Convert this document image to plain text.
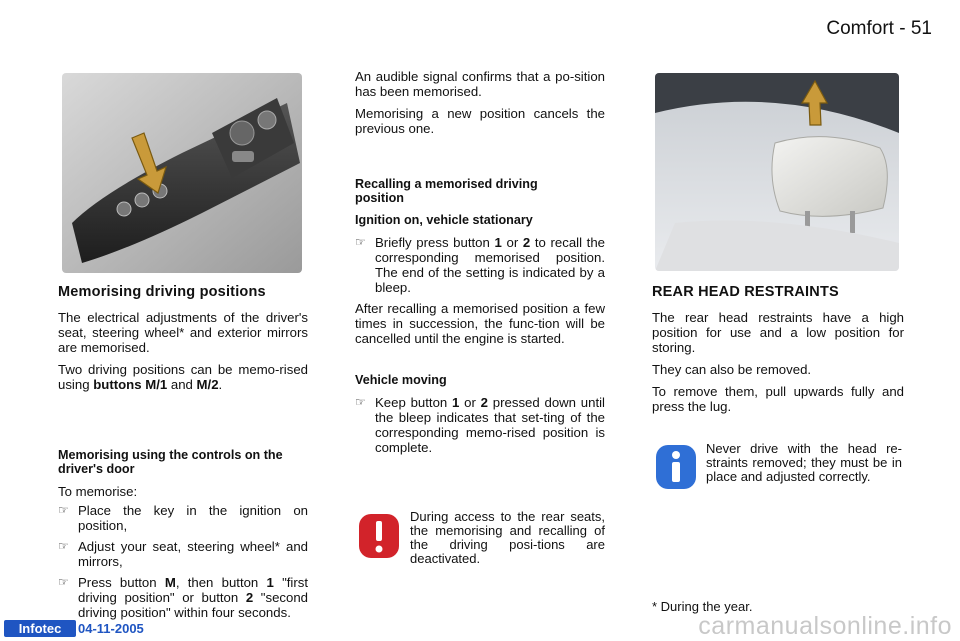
Comfort - 51
Memorising driving positions

The electrical adjustments of the driver's seat, steering wheel* and exterior mirrors are memorised.

Two driving positions can be memo-rised using buttons M/1 and M/2.

Memorising using the controls on the driver's door

To memorise:

☞ Place the key in the ignition on position,
☞ Adjust your seat, steering wheel* and mirrors,
☞ Press button M, then button 1 "first driving position" or button 2 "second driving position" within four seconds.

An audible signal confirms that a po-sition has been memorised.

Memorising a new position cancels the previous one.

Recalling a memorised driving position
Ignition on, vehicle stationary
☞ Briefly press button 1 or 2 to recall the corresponding memorised position. The end of the setting is indicated by a bleep.

After recalling a memorised position a few times in succession, the func-tion will be cancelled until the engine is started.

Vehicle moving
☞ Keep button 1 or 2 pressed down until the bleep indicates that set-ting of the corresponding memo-rised position is complete.
During access to the rear seats, the memorising and recalling of the driving posi-tions are deactivated.
REAR HEAD RESTRAINTS

The rear head restraints have a high position for use and a low position for storing.

They can also be removed.

To remove them, pull upwards fully and press the lug.

Never drive with the head re-straints removed; they must be in place and adjusted correctly.
* During the year.
Infotec	04-11-2005	carmanualsonline.info
